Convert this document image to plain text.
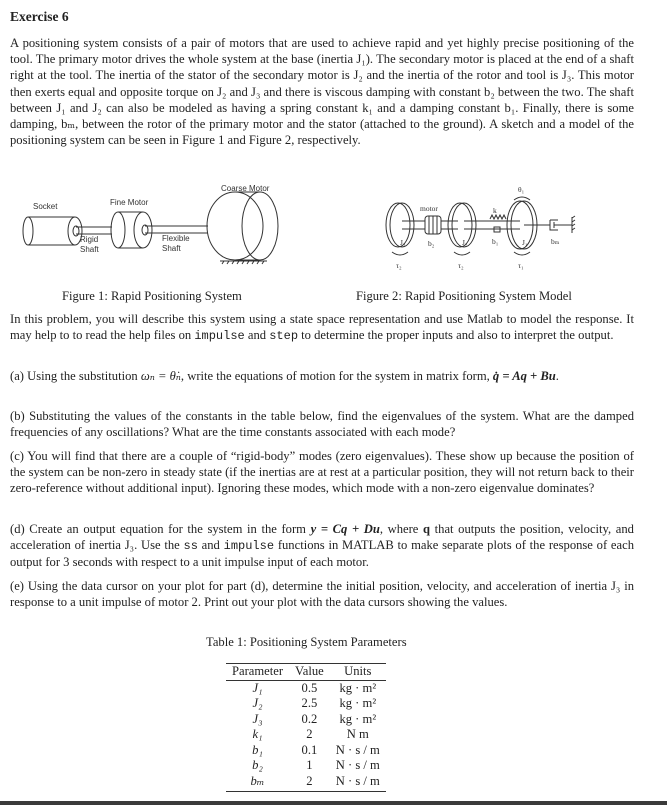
Exercise 6
A positioning system consists of a pair of motors that are used to achieve rapid and yet highly precise positioning of the tool. The primary motor drives the whole system at the base (inertia J₁). The secondary motor is placed at the end of a shaft right at the tool. The inertia of the stator of the secondary motor is J₂ and the inertia of the rotor and tool is J₃. This motor then exerts equal and opposite torque on J₂ and J₃ and there is viscous damping with constant b₂ between the two. The shaft between J₁ and J₂ can also be modeled as having a spring constant k₁ and a damping constant b₁. Finally, there is some damping, bₘ, between the rotor of the primary motor and the stator (attached to the ground). A sketch and a model of the positioning system can be seen in Figure 1 and Figure 2, respectively.
Socket	Fine Motor
Coarse Motor
Rigid
Shaft
Flexible
Shaft
motor
J₃	J₂	J₁
b₂	b₁	bₘ
k
θ₁
τ₂	τ₂	τ₁
Figure 1: Rapid Positioning System	Figure 2: Rapid Positioning System Model
In this problem, you will describe this system using a state space representation and use Matlab to model the response. It may help to to read the help files on impulse and step to determine the proper inputs and also to interpret the output.
(a) Using the substitution ωₙ = θ̇ₙ, write the equations of motion for the system in matrix form, q̇ = Aq + Bu.
(b) Substituting the values of the constants in the table below, find the eigenvalues of the system. What are the damped frequencies of any oscillations? What are the time constants associated with each mode?
(c) You will find that there are a couple of “rigid-body” modes (zero eigenvalues). These show up because the position of the system can be non-zero in steady state (if the inertias are at rest at a particular position, they will not return back to their zero-reference without additional input). Ignoring these modes, which mode with a non-zero eigenvalue dominates?
(d) Create an output equation for the system in the form y = Cq + Du, where q that outputs the position, velocity, and acceleration of inertia J₃. Use the ss and impulse functions in MATLAB to make separate plots of the response of each output for 3 seconds with respect to a unit impulse input of each motor.
(e) Using the data cursor on your plot for part (d), determine the initial position, velocity, and acceleration of inertia J₃ in response to a unit impulse of motor 2. Print out your plot with the data cursors showing the values.
Table 1: Positioning System Parameters
Parameter	Value	Units
J₁	0.5	kg · m²
J₂	2.5	kg · m²
J₃	0.2	kg · m²
k₁	2	N m
b₁	0.1	N · s / m
b₂	1	N · s / m
bₘ	2	N · s / m
